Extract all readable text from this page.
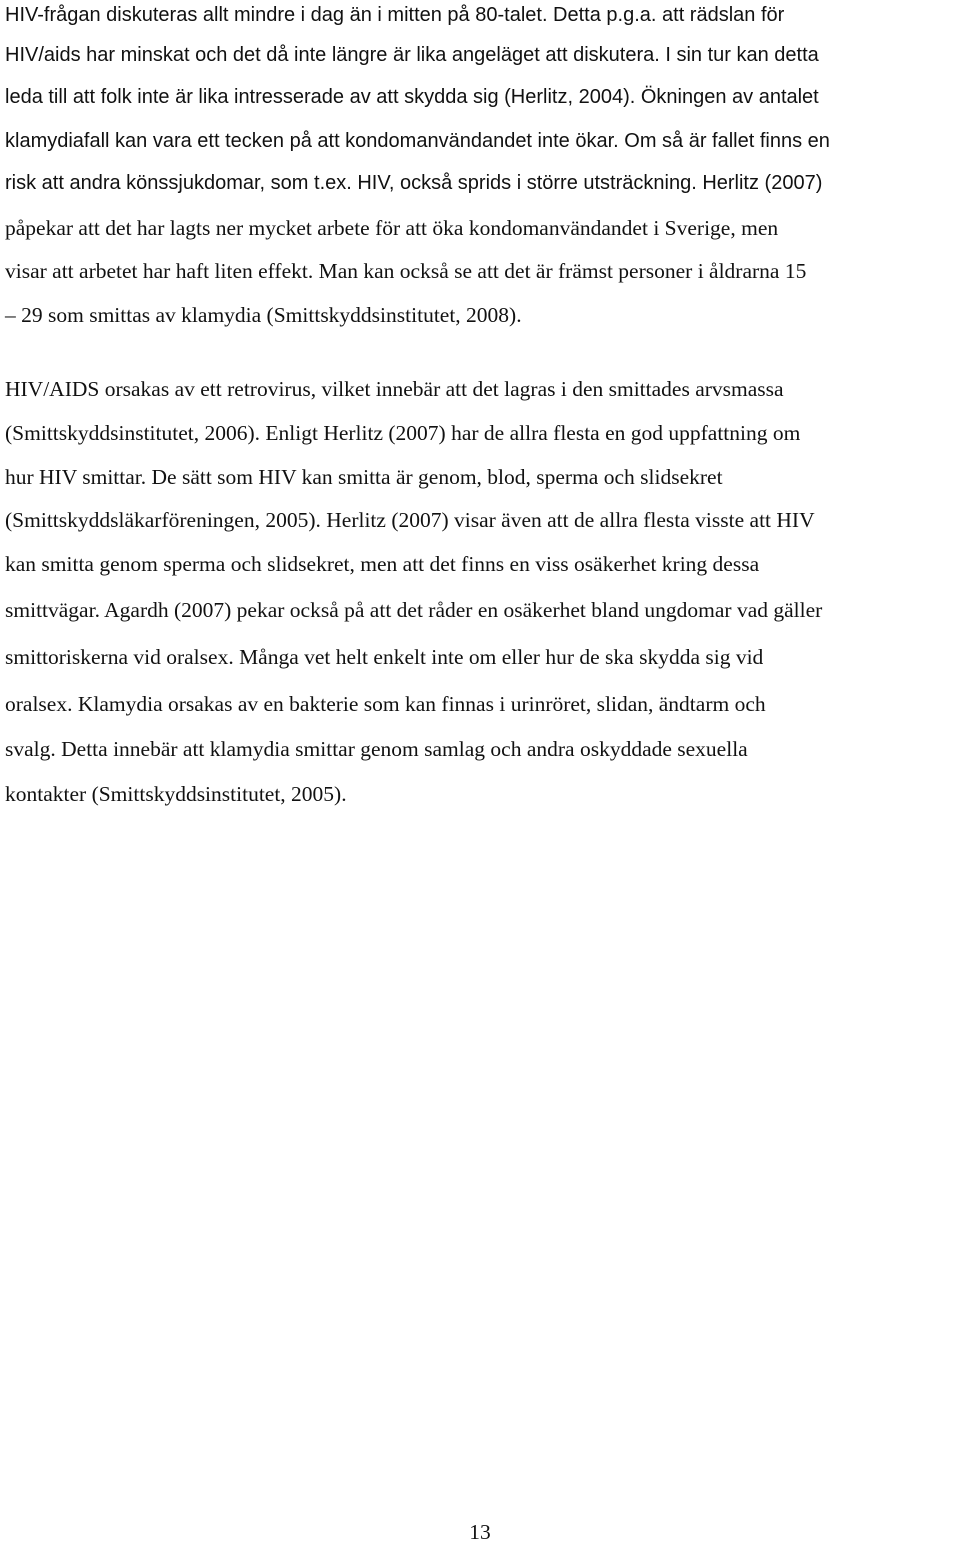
HIV-frågan diskuteras allt mindre i dag än i mitten på 80-talet. Detta p.g.a. att rädslan för

HIV/aids har minskat och det då inte längre är lika angeläget att diskutera. I sin tur kan detta

leda till att folk inte är lika intresserade av att skydda sig (Herlitz, 2004). Ökningen av antalet

klamydiafall kan vara ett tecken på att kondomanvändandet inte ökar. Om så är fallet finns en

risk att andra könssjukdomar, som t.ex. HIV, också sprids i större utsträckning. Herlitz (2007)

påpekar att det har lagts ner mycket arbete för att öka kondomanvändandet i Sverige, men

visar att arbetet har haft liten effekt. Man kan också se att det är främst personer i åldrarna 15

– 29 som smittas av klamydia (Smittskyddsinstitutet, 2008).

HIV/AIDS orsakas av ett retrovirus, vilket innebär att det lagras i den smittades arvsmassa

(Smittskyddsinstitutet, 2006). Enligt Herlitz (2007) har de allra flesta en god uppfattning om

hur HIV smittar. De sätt som HIV kan smitta är genom, blod, sperma och slidsekret

(Smittskyddsläkarföreningen, 2005). Herlitz (2007) visar även att de allra flesta visste att HIV

kan smitta genom sperma och slidsekret, men att det finns en viss osäkerhet kring dessa

smittvägar. Agardh (2007) pekar också på att det råder en osäkerhet bland ungdomar vad gäller

smittoriskerna vid oralsex. Många vet helt enkelt inte om eller hur de ska skydda sig vid

oralsex. Klamydia orsakas av en bakterie som kan finnas i urinröret, slidan, ändtarm och

svalg. Detta innebär att klamydia smittar genom samlag och andra oskyddade sexuella

kontakter (Smittskyddsinstitutet, 2005).

13
